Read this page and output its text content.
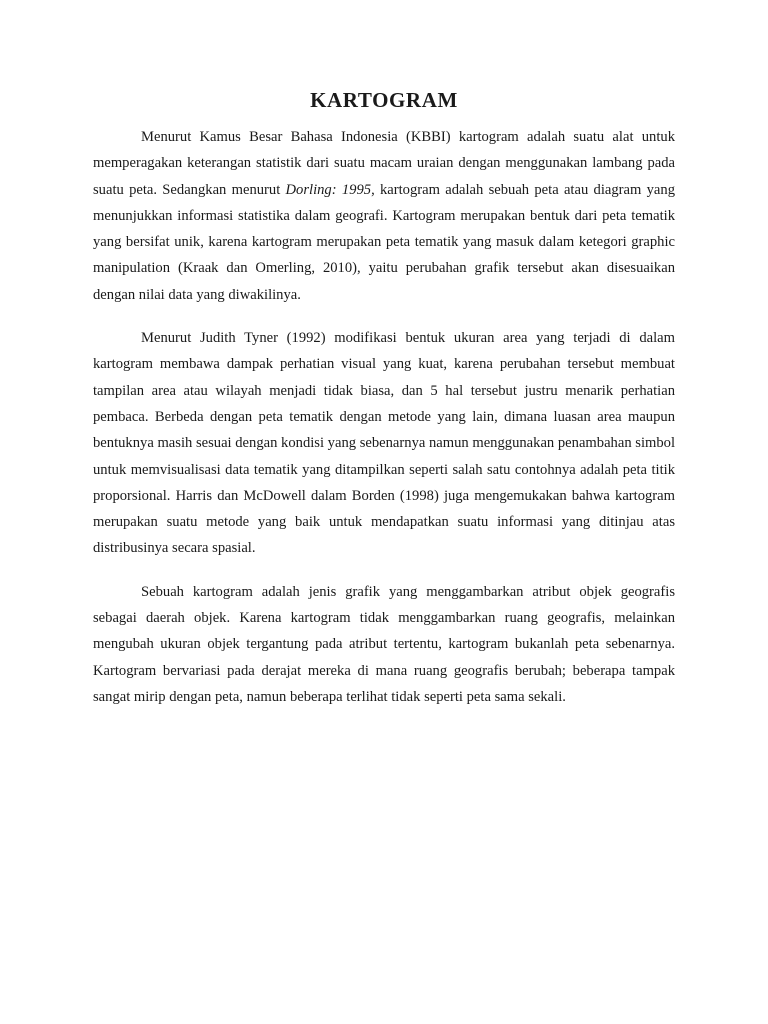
KARTOGRAM

Menurut Kamus Besar Bahasa Indonesia (KBBI) kartogram adalah suatu alat untuk memperagakan keterangan statistik dari suatu macam uraian dengan menggunakan lambang pada suatu peta. Sedangkan menurut Dorling: 1995, kartogram adalah sebuah peta atau diagram yang menunjukkan informasi statistika dalam geografi. Kartogram merupakan bentuk dari peta tematik yang bersifat unik, karena kartogram merupakan peta tematik yang masuk dalam ketegori graphic manipulation (Kraak dan Omerling, 2010), yaitu perubahan grafik tersebut akan disesuaikan dengan nilai data yang diwakilinya.

Menurut Judith Tyner (1992) modifikasi bentuk ukuran area yang terjadi di dalam kartogram membawa dampak perhatian visual yang kuat, karena perubahan tersebut membuat tampilan area atau wilayah menjadi tidak biasa, dan 5 hal tersebut justru menarik perhatian pembaca. Berbeda dengan peta tematik dengan metode yang lain, dimana luasan area maupun bentuknya masih sesuai dengan kondisi yang sebenarnya namun menggunakan penambahan simbol untuk memvisualisasi data tematik yang ditampilkan seperti salah satu contohnya adalah peta titik proporsional. Harris dan McDowell dalam Borden (1998) juga mengemukakan bahwa kartogram merupakan suatu metode yang baik untuk mendapatkan suatu informasi yang ditinjau atas distribusinya secara spasial.

Sebuah kartogram adalah jenis grafik yang menggambarkan atribut objek geografis sebagai daerah objek. Karena kartogram tidak menggambarkan ruang geografis, melainkan mengubah ukuran objek tergantung pada atribut tertentu, kartogram bukanlah peta sebenarnya. Kartogram bervariasi pada derajat mereka di mana ruang geografis berubah; beberapa tampak sangat mirip dengan peta, namun beberapa terlihat tidak seperti peta sama sekali.
